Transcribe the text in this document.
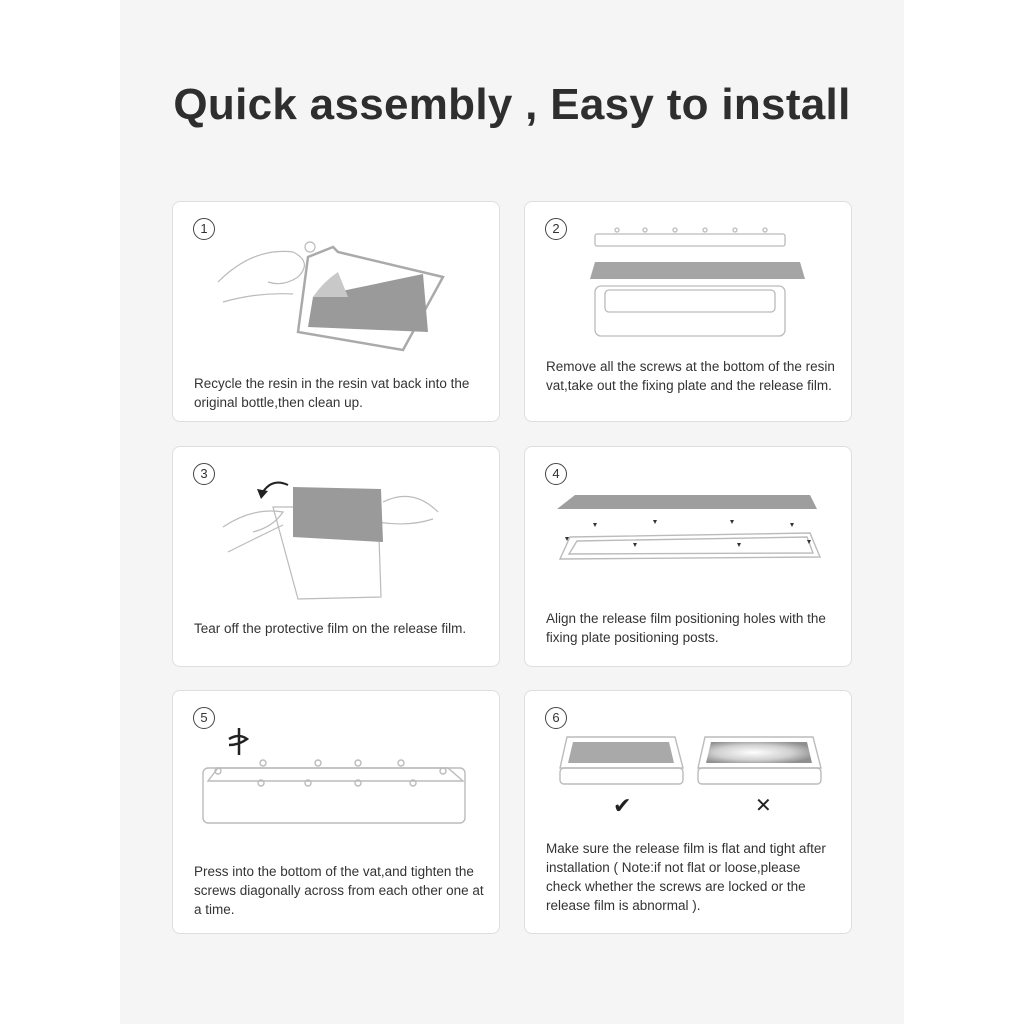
Quick assembly , Easy to install
1
Recycle the resin in the resin vat back into the original bottle,then clean up.
2
Remove all the screws at the bottom of the resin vat,take out the fixing plate and the release film.
3
Tear off the protective film on the release film.
4
Align the release film positioning holes with the fixing plate positioning posts.
5
Press into the bottom of the vat,and tighten the screws diagonally across from each other one at a time.
6
✔	✕
Make sure the release film is flat and tight after installation ( Note:if not flat or loose,please check whether the screws are locked or the release film is abnormal ).
